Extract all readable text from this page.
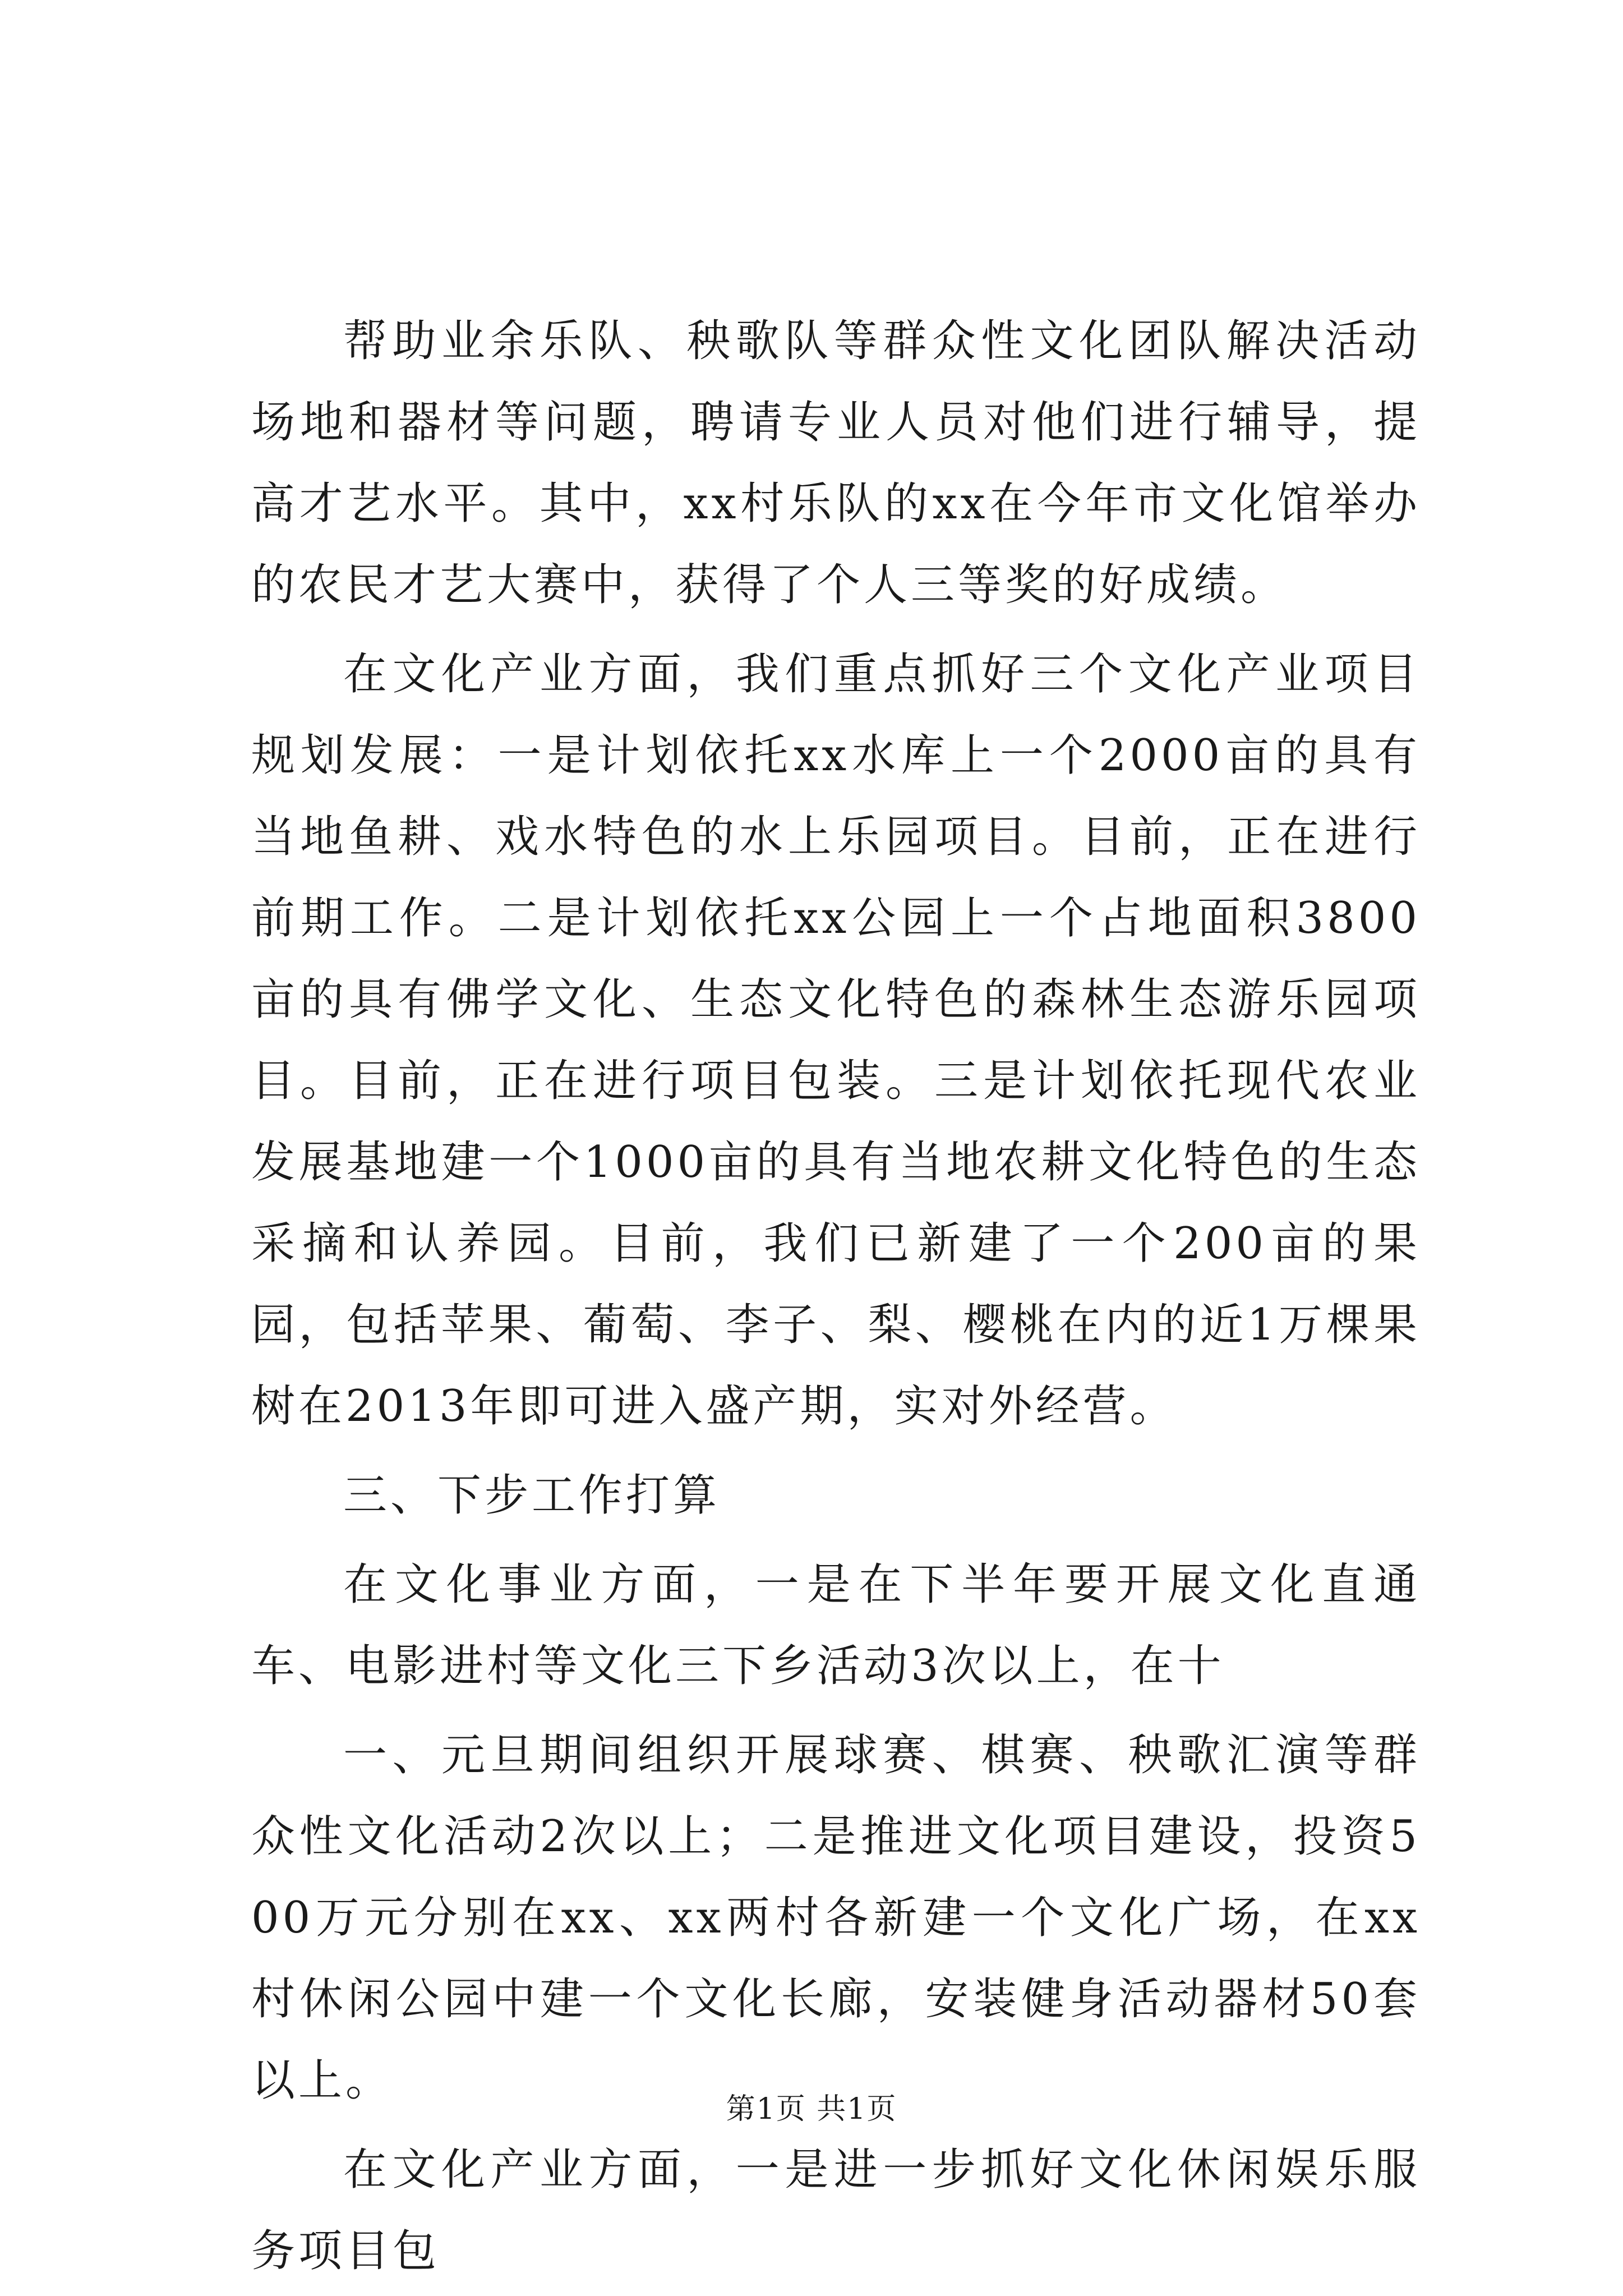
帮助业余乐队、秧歌队等群众性文化团队解决活动场地和器材等问题，聘请专业人员对他们进行辅导，提高才艺水平。其中，xx村乐队的xx在今年市文化馆举办的农民才艺大赛中，获得了个人三等奖的好成绩。

在文化产业方面，我们重点抓好三个文化产业项目规划发展：一是计划依托xx水库上一个2000亩的具有当地鱼耕、戏水特色的水上乐园项目。目前，正在进行前期工作。二是计划依托xx公园上一个占地面积3800亩的具有佛学文化、生态文化特色的森林生态游乐园项目。目前，正在进行项目包装。三是计划依托现代农业发展基地建一个1000亩的具有当地农耕文化特色的生态采摘和认养园。目前，我们已新建了一个200亩的果园，包括苹果、葡萄、李子、梨、樱桃在内的近1万棵果树在2013年即可进入盛产期，实对外经营。

三、下步工作打算

在文化事业方面，一是在下半年要开展文化直通车、电影进村等文化三下乡活动3次以上，在十

一、元旦期间组织开展球赛、棋赛、秧歌汇演等群众性文化活动2次以上；二是推进文化项目建设，投资500万元分别在xx、xx两村各新建一个文化广场，在xx村休闲公园中建一个文化长廊，安装健身活动器材50套以上。

在文化产业方面，一是进一步抓好文化休闲娱乐服务项目包

第1页 共1页
